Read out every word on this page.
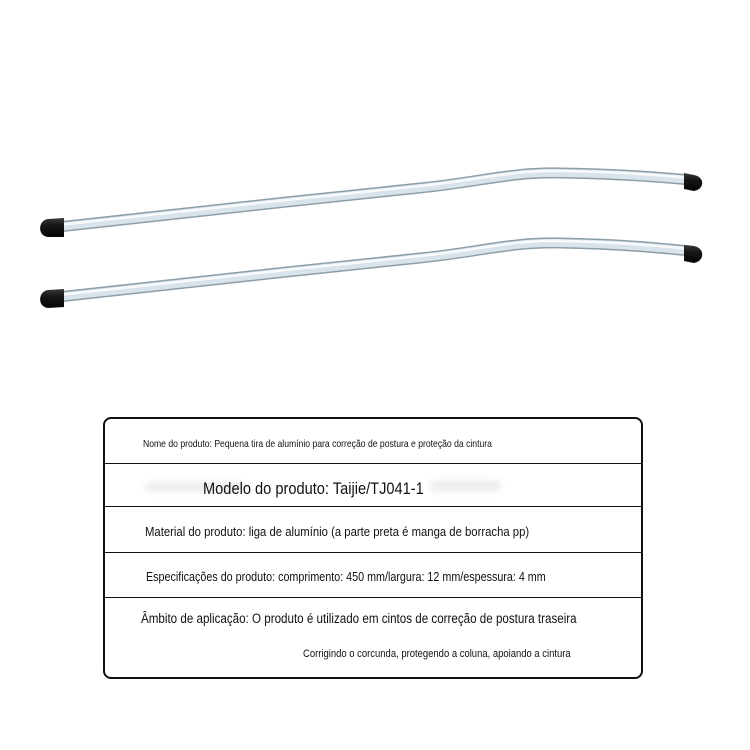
Nome do produto: Pequena tira de alumínio para correção de postura e proteção da cintura
Modelo do produto: Taijie/TJ041-1
Material do produto: liga de alumínio (a parte preta é manga de borracha pp)
Especificações do produto: comprimento: 450 mm/largura: 12 mm/espessura: 4 mm
Âmbito de aplicação: O produto é utilizado em cintos de correção de postura traseira
Corrigindo o corcunda, protegendo a coluna, apoiando a cintura
